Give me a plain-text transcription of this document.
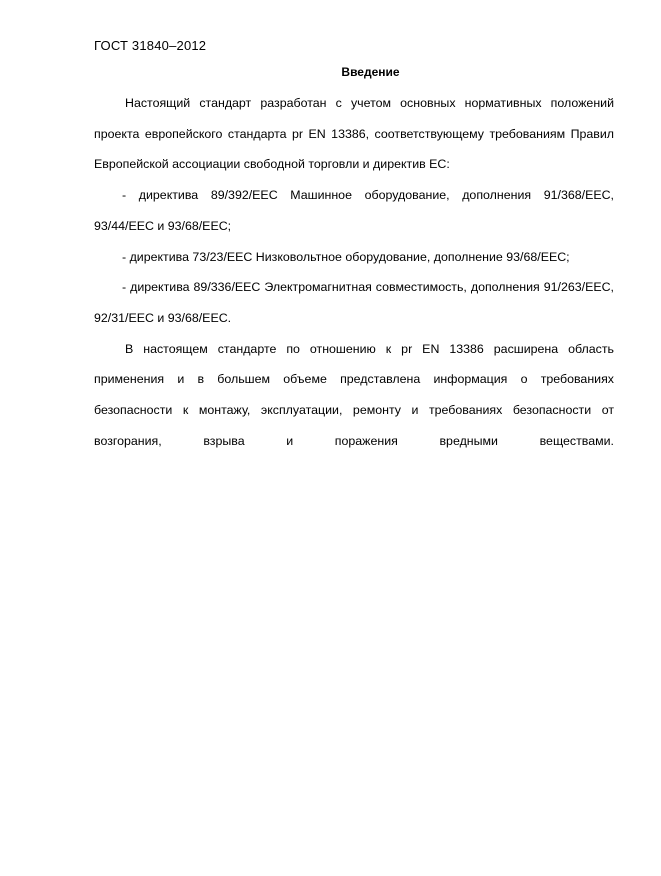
ГОСТ 31840–2012
Введение

Настоящий стандарт разработан с учетом основных нормативных положений проекта европейского стандарта pr EN 13386, соответствующему требованиям Правил Европейской ассоциации свободной торговли и директив ЕС:

- директива 89/392/EEC Машинное оборудование, дополнения 91/368/EEC, 93/44/EEC и 93/68/EEC;

- директива 73/23/EEC Низковольтное оборудование, дополнение 93/68/EEC;

- директива 89/336/EEC Электромагнитная совместимость, дополнения 91/263/EEC, 92/31/EEC и 93/68/EEC.

В настоящем стандарте по отношению к pr EN 13386 расширена область применения и в большем объеме представлена информация о требованиях безопасности к монтажу, эксплуатации, ремонту и требованиях безопасности от возгорания, взрыва и поражения вредными веществами.
